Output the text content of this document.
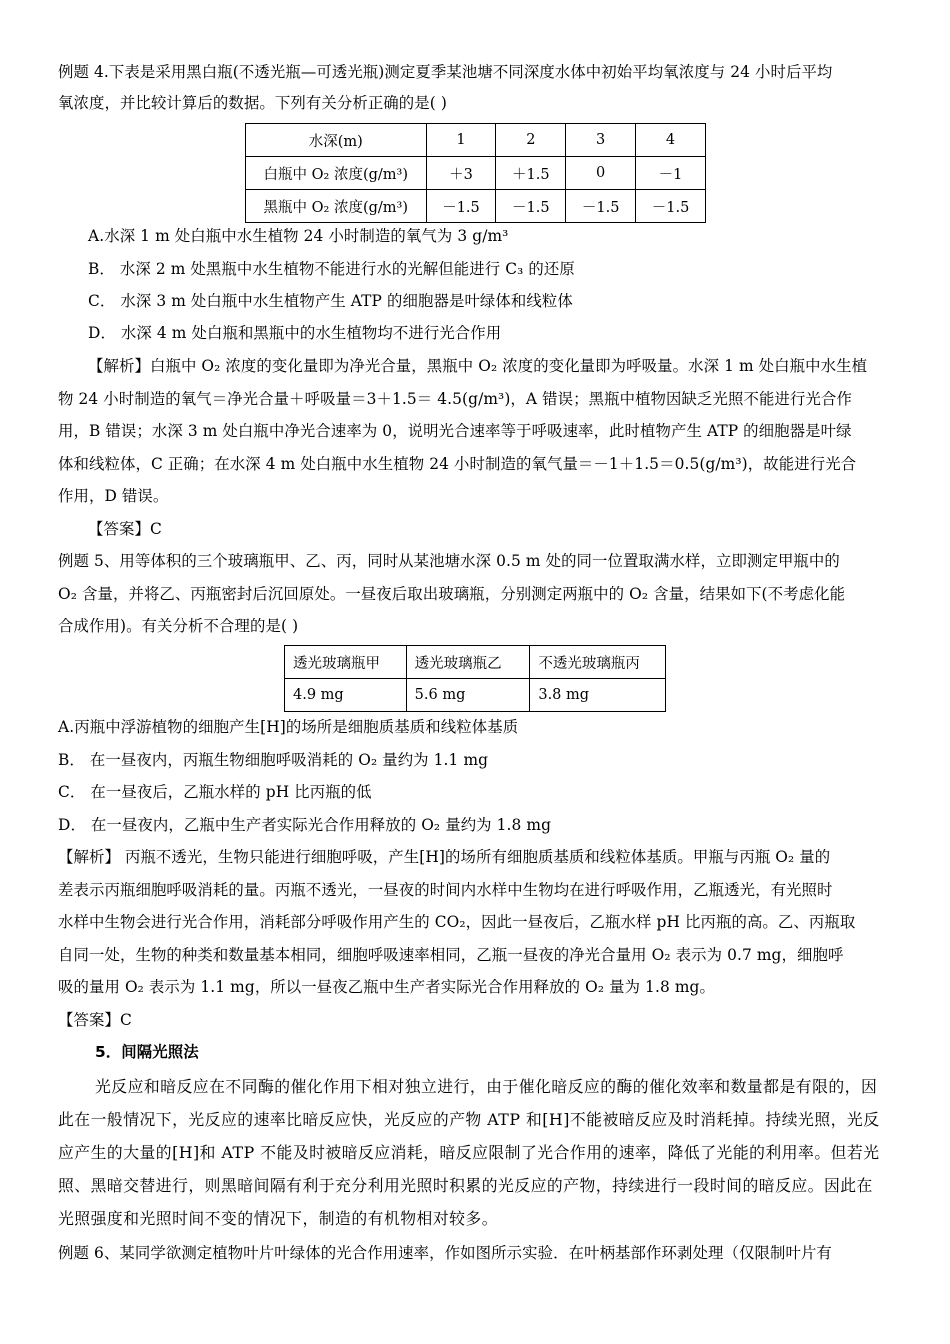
例题 4.下表是采用黑白瓶(不透光瓶—可透光瓶)测定夏季某池塘不同深度水体中初始平均氧浓度与 24 小时后平均
氧浓度，并比较计算后的数据。下列有关分析正确的是( )
水深(m)	1	2	3	4
白瓶中 O₂ 浓度(g/m³)	＋3	＋1.5	0	－1
黑瓶中 O₂ 浓度(g/m³)	－1.5	－1.5	－1.5	－1.5
A.水深 1 m 处白瓶中水生植物 24 小时制造的氧气为 3 g/m³
B． 水深 2 m 处黑瓶中水生植物不能进行水的光解但能进行 C₃ 的还原
C． 水深 3 m 处白瓶中水生植物产生 ATP 的细胞器是叶绿体和线粒体
D． 水深 4 m 处白瓶和黑瓶中的水生植物均不进行光合作用
【解析】白瓶中 O₂ 浓度的变化量即为净光合量，黑瓶中 O₂ 浓度的变化量即为呼吸量。水深 1 m 处白瓶中水生植
物 24 小时制造的氧气＝净光合量＋呼吸量＝3＋1.5＝ 4.5(g/m³)，A 错误；黑瓶中植物因缺乏光照不能进行光合作
用，B 错误；水深 3 m 处白瓶中净光合速率为 0，说明光合速率等于呼吸速率，此时植物产生 ATP 的细胞器是叶绿
体和线粒体，C 正确；在水深 4 m 处白瓶中水生植物 24 小时制造的氧气量＝－1＋1.5＝0.5(g/m³)，故能进行光合
作用，D 错误。
【答案】C
例题 5、用等体积的三个玻璃瓶甲、乙、丙，同时从某池塘水深 0.5 m 处的同一位置取满水样，立即测定甲瓶中的
O₂ 含量，并将乙、丙瓶密封后沉回原处。一昼夜后取出玻璃瓶，分别测定两瓶中的 O₂ 含量，结果如下(不考虑化能
合成作用)。有关分析不合理的是( )
透光玻璃瓶甲	透光玻璃瓶乙	不透光玻璃瓶丙
4.9 mg	5.6 mg	3.8 mg
A.丙瓶中浮游植物的细胞产生[H]的场所是细胞质基质和线粒体基质
B． 在一昼夜内，丙瓶生物细胞呼吸消耗的 O₂ 量约为 1.1 mg
C． 在一昼夜后，乙瓶水样的 pH 比丙瓶的低
D． 在一昼夜内，乙瓶中生产者实际光合作用释放的 O₂ 量约为 1.8 mg
【解析】 丙瓶不透光，生物只能进行细胞呼吸，产生[H]的场所有细胞质基质和线粒体基质。甲瓶与丙瓶 O₂ 量的
差表示丙瓶细胞呼吸消耗的量。丙瓶不透光，一昼夜的时间内水样中生物均在进行呼吸作用，乙瓶透光，有光照时
水样中生物会进行光合作用，消耗部分呼吸作用产生的 CO₂，因此一昼夜后，乙瓶水样 pH 比丙瓶的高。乙、丙瓶取
自同一处，生物的种类和数量基本相同，细胞呼吸速率相同，乙瓶一昼夜的净光合量用 O₂ 表示为 0.7 mg，细胞呼
吸的量用 O₂ 表示为 1.1 mg，所以一昼夜乙瓶中生产者实际光合作用释放的 O₂ 量为 1.8 mg。
【答案】C
5．间隔光照法
光反应和暗反应在不同酶的催化作用下相对独立进行，由于催化暗反应的酶的催化效率和数量都是有限的，因
此在一般情况下，光反应的速率比暗反应快，光反应的产物 ATP 和[H]不能被暗反应及时消耗掉。持续光照，光反
应产生的大量的[H]和 ATP 不能及时被暗反应消耗，暗反应限制了光合作用的速率，降低了光能的利用率。但若光
照、黑暗交替进行，则黑暗间隔有利于充分利用光照时积累的光反应的产物，持续进行一段时间的暗反应。因此在
光照强度和光照时间不变的情况下，制造的有机物相对较多。
例题 6、某同学欲测定植物叶片叶绿体的光合作用速率，作如图所示实验．在叶柄基部作环剥处理（仅限制叶片有
